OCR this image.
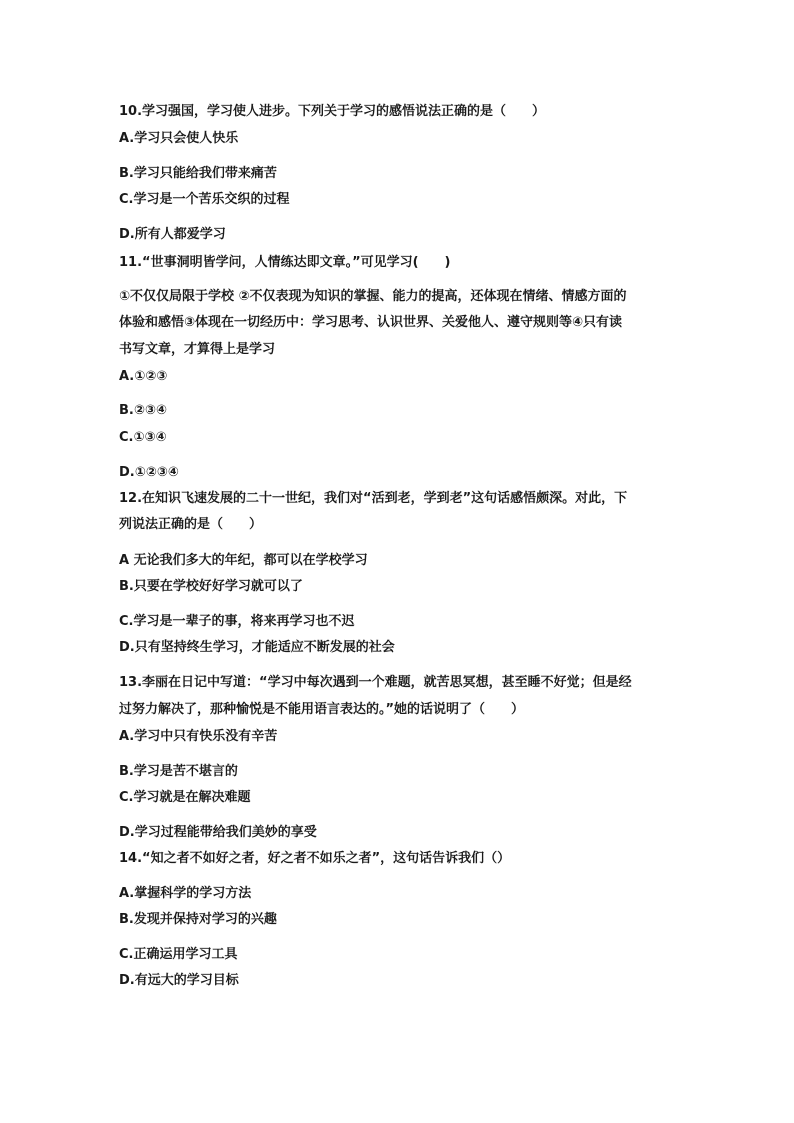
10.学习强国，学习使人进步。下列关于学习的感悟说法正确的是（　　）
A.学习只会使人快乐
B.学习只能给我们带来痛苦
C.学习是一个苦乐交织的过程
D.所有人都爱学习
11.“世事洞明皆学问，人情练达即文章。”可见学习(　　)
①不仅仅局限于学校 ②不仅表现为知识的掌握、能力的提高，还体现在情绪、情感方面的
体验和感悟③体现在一切经历中：学习思考、认识世界、关爱他人、遵守规则等④只有读
书写文章，才算得上是学习
A.①②③
B.②③④
C.①③④
D.①②③④
12.在知识飞速发展的二十一世纪，我们对“活到老，学到老”这句话感悟颇深。对此，下
列说法正确的是（　　）
A 无论我们多大的年纪，都可以在学校学习
B.只要在学校好好学习就可以了
C.学习是一辈子的事，将来再学习也不迟
D.只有坚持终生学习，才能适应不断发展的社会
13.李丽在日记中写道：“学习中每次遇到一个难题，就苦思冥想，甚至睡不好觉；但是经
过努力解决了，那种愉悦是不能用语言表达的。”她的话说明了（　　）
A.学习中只有快乐没有辛苦
B.学习是苦不堪言的
C.学习就是在解决难题
D.学习过程能带给我们美妙的享受
14.“知之者不如好之者，好之者不如乐之者”，这句话告诉我们（）
A.掌握科学的学习方法
B.发现并保持对学习的兴趣
C.正确运用学习工具
D.有远大的学习目标
